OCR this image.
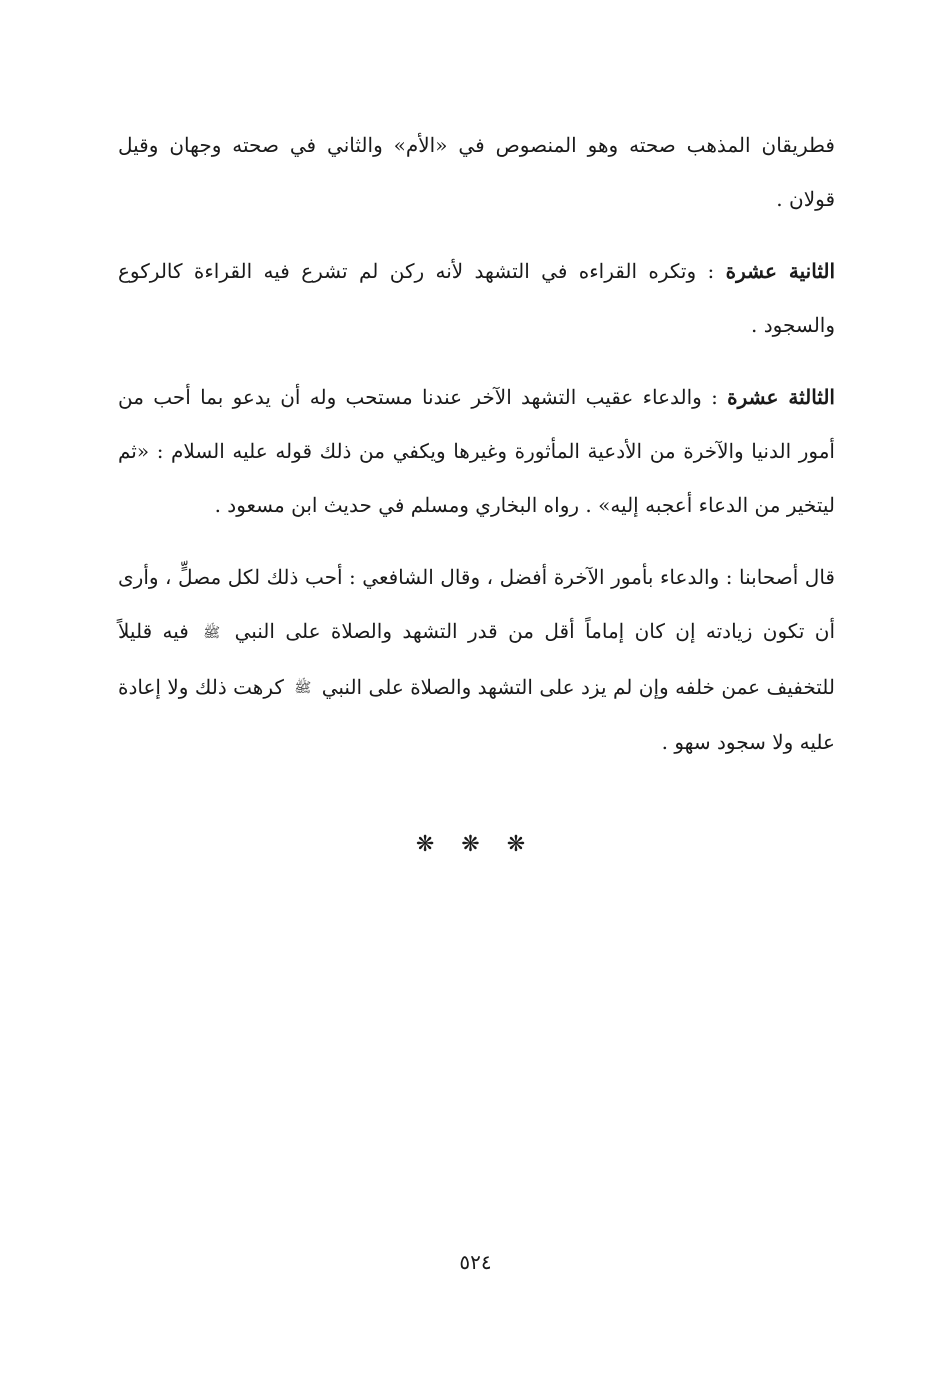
فطريقان المذهب صحته وهو المنصوص في «الأم» والثاني في صحته وجهان وقيل قولان .

الثانية عشرة : وتكره القراءه في التشهد لأنه ركن لم تشرع فيه القراءة كالركوع والسجود .

الثالثة عشرة : والدعاء عقيب التشهد الآخر عندنا مستحب وله أن يدعو بما أحب من أمور الدنيا والآخرة من الأدعية المأثورة وغيرها ويكفي من ذلك قوله عليه السلام : «ثم ليتخير من الدعاء أعجبه إليه» . رواه البخاري ومسلم في حديث ابن مسعود .

قال أصحابنا : والدعاء بأمور الآخرة أفضل ، وقال الشافعي : أحب ذلك لكل مصلٍّ ، وأرى أن تكون زيادته إن كان إماماً أقل من قدر التشهد والصلاة على النبي ﷺ فيه قليلاً للتخفيف عمن خلفه وإن لم يزد على التشهد والصلاة على النبي ﷺ كرهت ذلك ولا إعادة عليه ولا سجود سهو .

❋ ❋ ❋
٥٢٤
